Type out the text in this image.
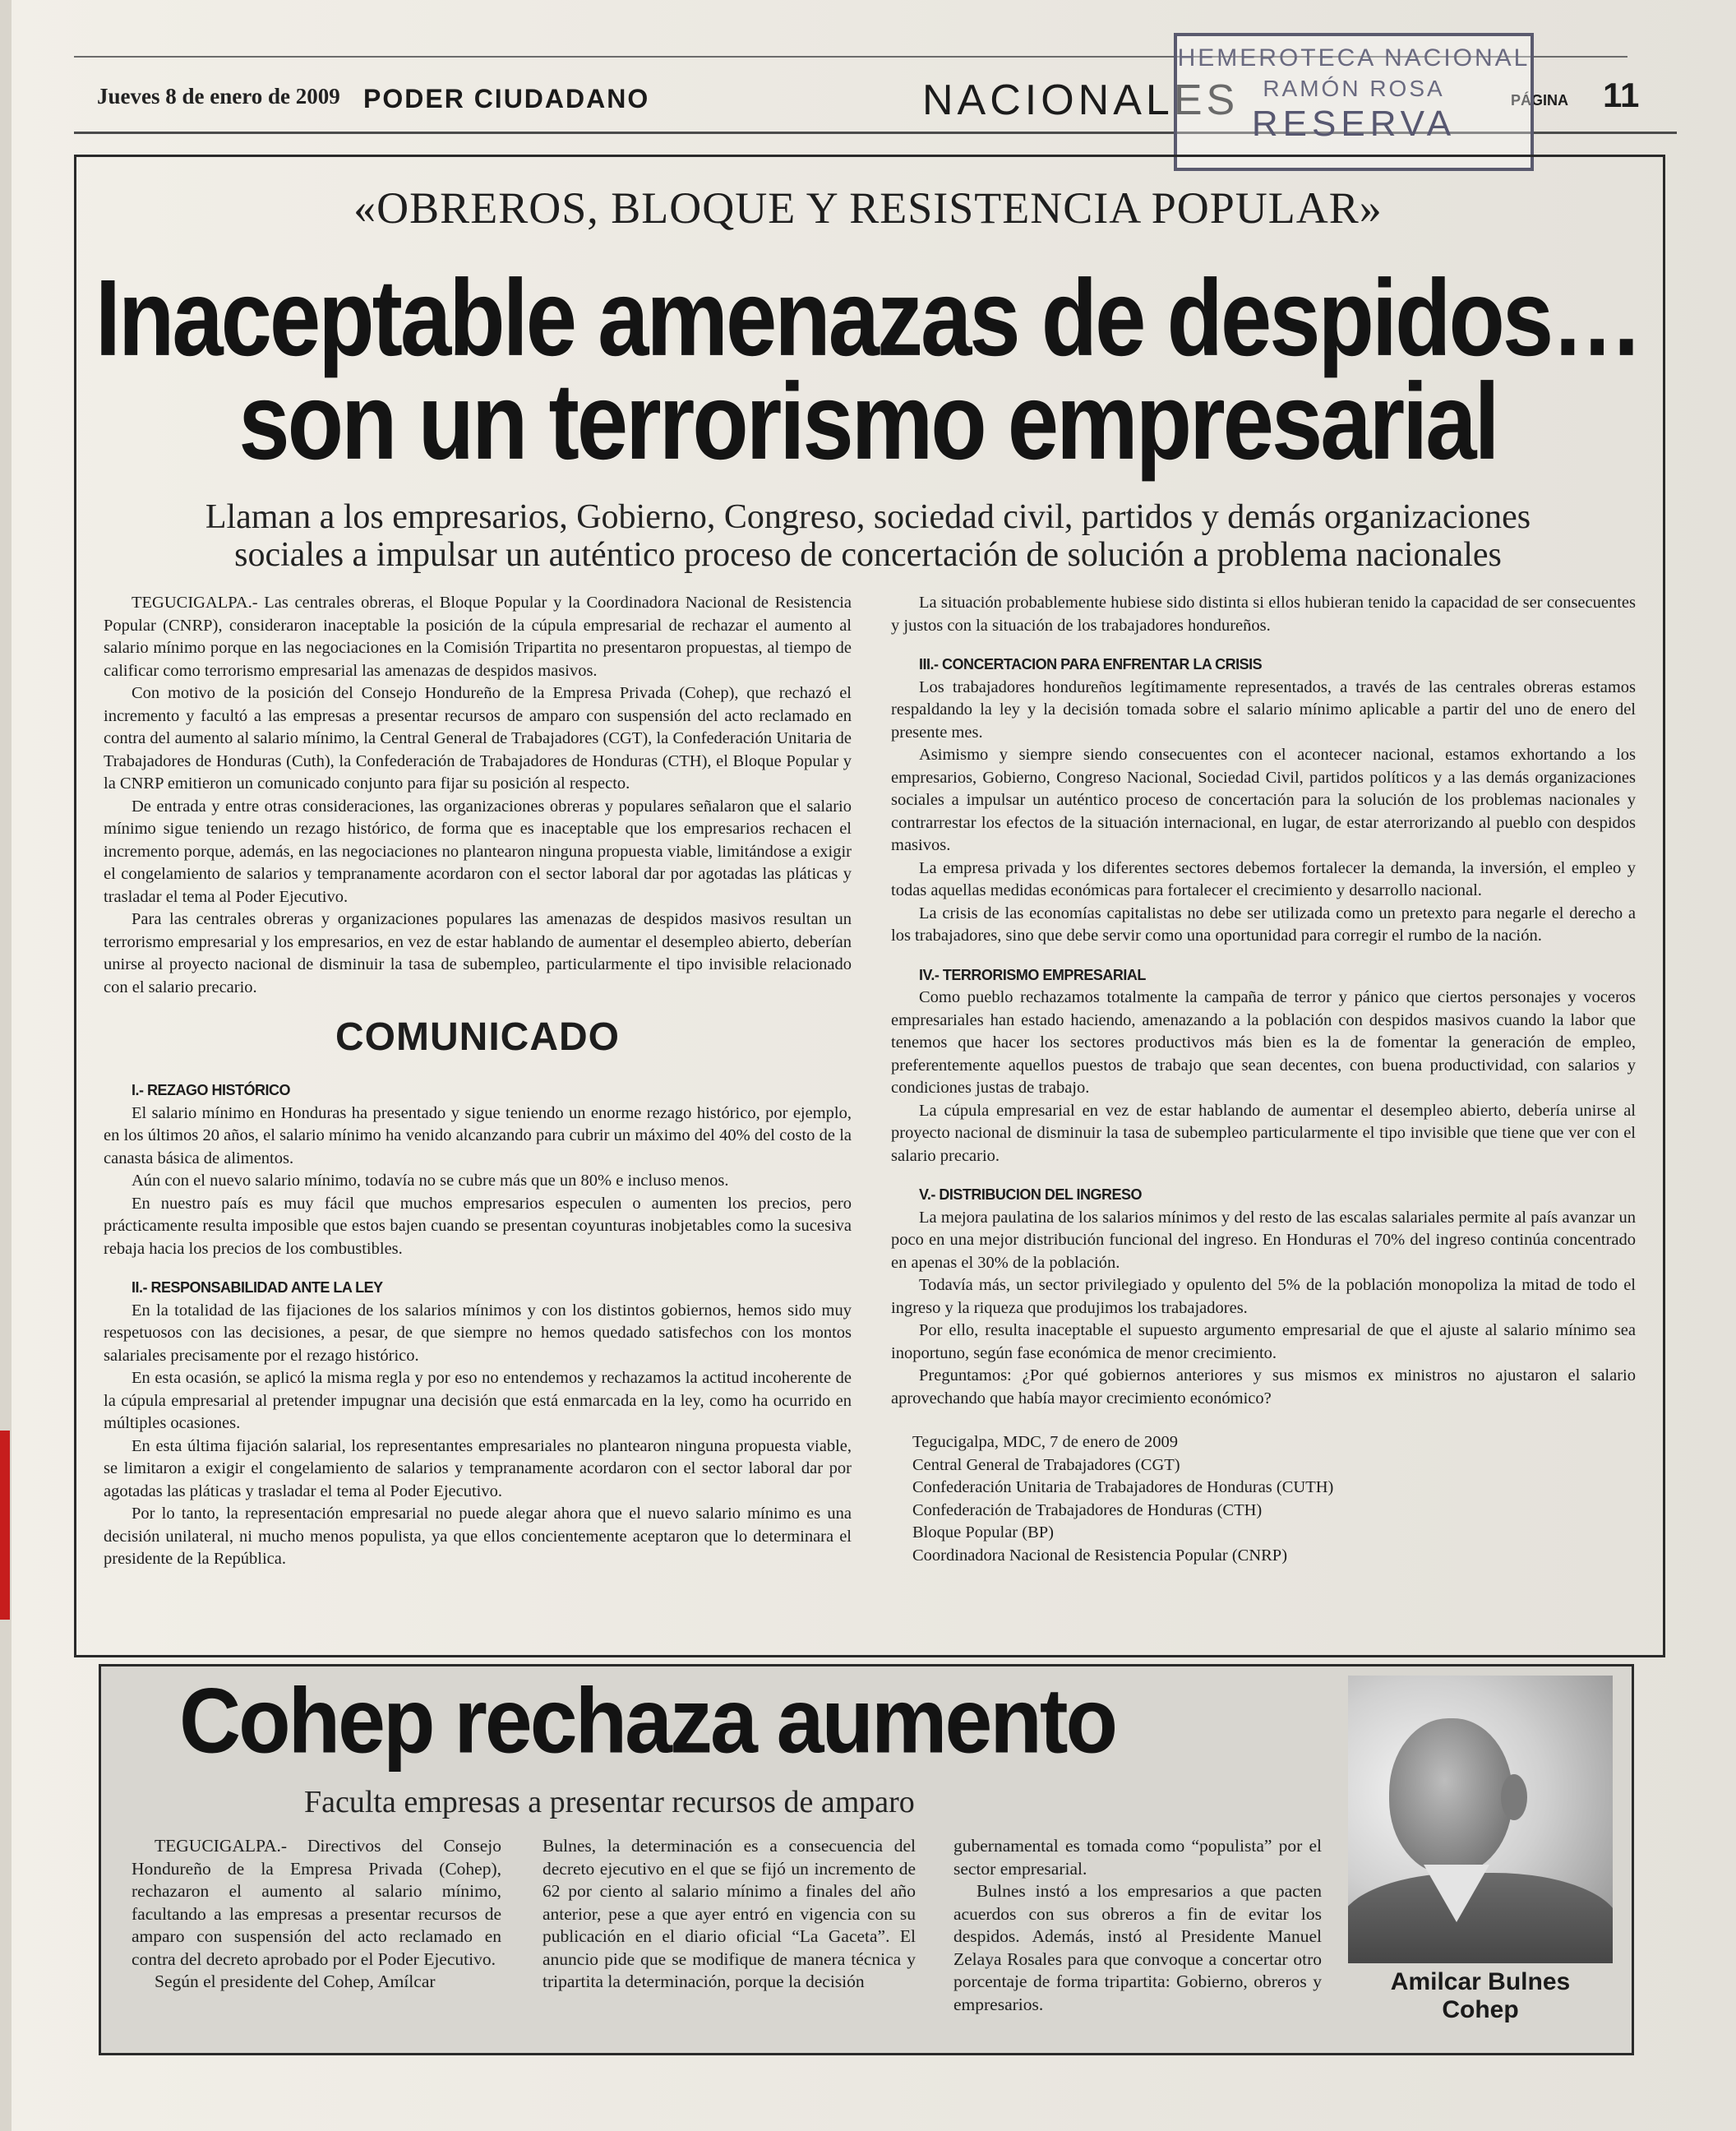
Jueves 8 de enero de 2009 PODER CIUDADANO	NACIONALES	PÁGINA 11
HEMEROTECA NACIONAL
RAMÓN ROSA
RESERVA
«OBREROS, BLOQUE Y RESISTENCIA POPULAR»
Inaceptable amenazas de despidos…
son un terrorismo empresarial
Llaman a los empresarios, Gobierno, Congreso, sociedad civil, partidos y demás organizaciones
sociales a impulsar un auténtico proceso de concertación de solución a problema nacionales

TEGUCIGALPA.- Las centrales obreras, el Bloque Popular y la Coordinadora Nacional de Resistencia Popular (CNRP), consideraron inaceptable la posición de la cúpula empresarial de rechazar el aumento al salario mínimo porque en las negociaciones en la Comisión Tripartita no presentaron propuestas, al tiempo de calificar como terrorismo empresarial las amenazas de despidos masivos.

Con motivo de la posición del Consejo Hondureño de la Empresa Privada (Cohep), que rechazó el incremento y facultó a las empresas a presentar recursos de amparo con suspensión del acto reclamado en contra del aumento al salario mínimo, la Central General de Trabajadores (CGT), la Confederación Unitaria de Trabajadores de Honduras (Cuth), la Confederación de Trabajadores de Honduras (CTH), el Bloque Popular y la CNRP emitieron un comunicado conjunto para fijar su posición al respecto.

De entrada y entre otras consideraciones, las organizaciones obreras y populares señalaron que el salario mínimo sigue teniendo un rezago histórico, de forma que es inaceptable que los empresarios rechacen el incremento porque, además, en las negociaciones no plantearon ninguna propuesta viable, limitándose a exigir el congelamiento de salarios y tempranamente acordaron con el sector laboral dar por agotadas las pláticas y trasladar el tema al Poder Ejecutivo.

Para las centrales obreras y organizaciones populares las amenazas de despidos masivos resultan un terrorismo empresarial y los empresarios, en vez de estar hablando de aumentar el desempleo abierto, deberían unirse al proyecto nacional de disminuir la tasa de subempleo, particularmente el tipo invisible relacionado con el salario precario.

COMUNICADO

I.- REZAGO HISTÓRICO

El salario mínimo en Honduras ha presentado y sigue teniendo un enorme rezago histórico, por ejemplo, en los últimos 20 años, el salario mínimo ha venido alcanzando para cubrir un máximo del 40% del costo de la canasta básica de alimentos.

Aún con el nuevo salario mínimo, todavía no se cubre más que un 80% e incluso menos.

En nuestro país es muy fácil que muchos empresarios especulen o aumenten los precios, pero prácticamente resulta imposible que estos bajen cuando se presentan coyunturas inobjetables como la sucesiva rebaja hacia los precios de los combustibles.

II.- RESPONSABILIDAD ANTE LA LEY

En la totalidad de las fijaciones de los salarios mínimos y con los distintos gobiernos, hemos sido muy respetuosos con las decisiones, a pesar, de que siempre no hemos quedado satisfechos con los montos salariales precisamente por el rezago histórico.

En esta ocasión, se aplicó la misma regla y por eso no entendemos y rechazamos la actitud incoherente de la cúpula empresarial al pretender impugnar una decisión que está enmarcada en la ley, como ha ocurrido en múltiples ocasiones.

En esta última fijación salarial, los representantes empresariales no plantearon ninguna propuesta viable, se limitaron a exigir el congelamiento de salarios y tempranamente acordaron con el sector laboral dar por agotadas las pláticas y trasladar el tema al Poder Ejecutivo.

Por lo tanto, la representación empresarial no puede alegar ahora que el nuevo salario mínimo es una decisión unilateral, ni mucho menos populista, ya que ellos concientemente aceptaron que lo determinara el presidente de la República.

La situación probablemente hubiese sido distinta si ellos hubieran tenido la capacidad de ser consecuentes y justos con la situación de los trabajadores hondureños.

III.- CONCERTACION PARA ENFRENTAR LA CRISIS

Los trabajadores hondureños legítimamente representados, a través de las centrales obreras estamos respaldando la ley y la decisión tomada sobre el salario mínimo aplicable a partir del uno de enero del presente mes.

Asimismo y siempre siendo consecuentes con el acontecer nacional, estamos exhortando a los empresarios, Gobierno, Congreso Nacional, Sociedad Civil, partidos políticos y a las demás organizaciones sociales a impulsar un auténtico proceso de concertación para la solución de los problemas nacionales y contrarrestar los efectos de la situación internacional, en lugar, de estar aterrorizando al pueblo con despidos masivos.

La empresa privada y los diferentes sectores debemos fortalecer la demanda, la inversión, el empleo y todas aquellas medidas económicas para fortalecer el crecimiento y desarrollo nacional.

La crisis de las economías capitalistas no debe ser utilizada como un pretexto para negarle el derecho a los trabajadores, sino que debe servir como una oportunidad para corregir el rumbo de la nación.

IV.- TERRORISMO EMPRESARIAL

Como pueblo rechazamos totalmente la campaña de terror y pánico que ciertos personajes y voceros empresariales han estado haciendo, amenazando a la población con despidos masivos cuando la labor que tenemos que hacer los sectores productivos más bien es la de fomentar la generación de empleo, preferentemente aquellos puestos de trabajo que sean decentes, con buena productividad, con salarios y condiciones justas de trabajo.

La cúpula empresarial en vez de estar hablando de aumentar el desempleo abierto, debería unirse al proyecto nacional de disminuir la tasa de subempleo particularmente el tipo invisible que tiene que ver con el salario precario.

V.- DISTRIBUCION DEL INGRESO

La mejora paulatina de los salarios mínimos y del resto de las escalas salariales permite al país avanzar un poco en una mejor distribución funcional del ingreso. En Honduras el 70% del ingreso continúa concentrado en apenas el 30% de la población.

Todavía más, un sector privilegiado y opulento del 5% de la población monopoliza la mitad de todo el ingreso y la riqueza que produjimos los trabajadores.

Por ello, resulta inaceptable el supuesto argumento empresarial de que el ajuste al salario mínimo sea inoportuno, según fase económica de menor crecimiento.

Preguntamos: ¿Por qué gobiernos anteriores y sus mismos ex ministros no ajustaron el salario aprovechando que había mayor crecimiento económico?

Tegucigalpa, MDC, 7 de enero de 2009

Central General de Trabajadores (CGT)

Confederación Unitaria de Trabajadores de Honduras (CUTH)

Confederación de Trabajadores de Honduras (CTH)

Bloque Popular (BP)

Coordinadora Nacional de Resistencia Popular (CNRP)

Cohep rechaza aumento
Faculta empresas a presentar recursos de amparo

TEGUCIGALPA.- Directivos del Consejo Hondureño de la Empresa Privada (Cohep), rechazaron el aumento al salario mínimo, facultando a las empresas a presentar recursos de amparo con suspensión del acto reclamado en contra del decreto aprobado por el Poder Ejecutivo.

Según el presidente del Cohep, Amílcar

Bulnes, la determinación es a consecuencia del decreto ejecutivo en el que se fijó un incremento de 62 por ciento al salario mínimo a finales del año anterior, pese a que ayer entró en vigencia con su publicación en el diario oficial “La Gaceta”. El anuncio pide que se modifique de manera técnica y tripartita la determinación, porque la decisión

gubernamental es tomada como “populista” por el sector empresarial.

Bulnes instó a los empresarios a que pacten acuerdos con sus obreros a fin de evitar los despidos. Además, instó al Presidente Manuel Zelaya Rosales para que convoque a concertar otro porcentaje de forma tripartita: Gobierno, obreros y empresarios.

Amilcar Bulnes
Cohep
